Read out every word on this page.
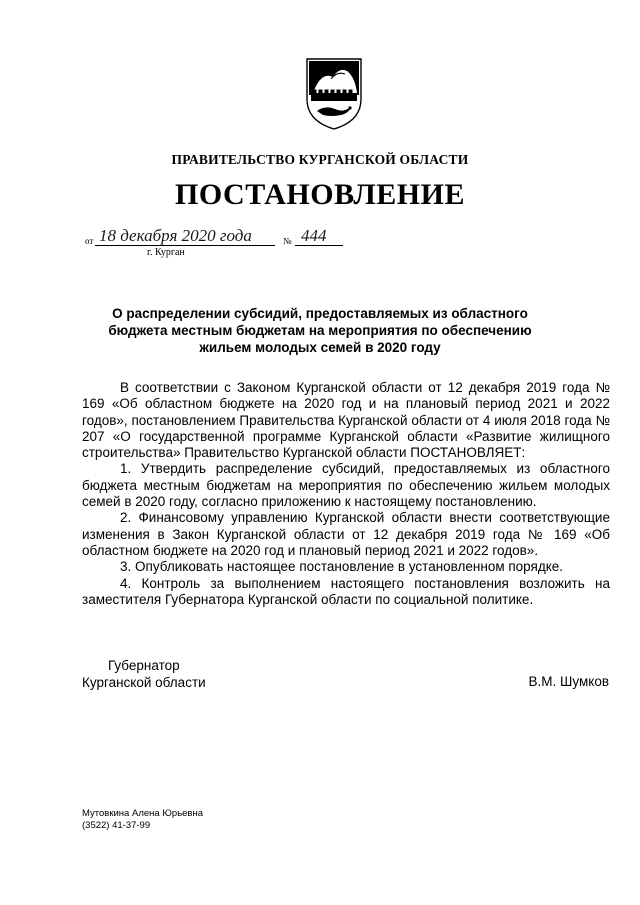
ПРАВИТЕЛЬСТВО КУРГАНСКОЙ ОБЛАСТИ
ПОСТАНОВЛЕНИЕ
от 18 декабря 2020 года	№ 444
г. Курган
О распределении субсидий, предоставляемых из областного бюджета местным бюджетам на мероприятия по обеспечению жильем молодых семей в 2020 году

В соответствии с Законом Курганской области от 12 декабря 2019 года № 169 «Об областном бюджете на 2020 год и на плановый период 2021 и 2022 годов», постановлением Правительства Курганской области от 4 июля 2018 года № 207 «О государственной программе Курганской области «Развитие жилищного строительства» Правительство Курганской области ПОСТАНОВЛЯЕТ:

1. Утвердить распределение субсидий, предоставляемых из областного бюджета местным бюджетам на мероприятия по обеспечению жильем молодых семей в 2020 году, согласно приложению к настоящему постановлению.

2. Финансовому управлению Курганской области внести соответствующие изменения в Закон Курганской области от 12 декабря 2019 года № 169 «Об областном бюджете на 2020 год и плановый период 2021 и 2022 годов».

3. Опубликовать настоящее постановление в установленном порядке.

4. Контроль за выполнением настоящего постановления возложить на заместителя Губернатора Курганской области по социальной политике.

Губернатор
Курганской области	В.М. Шумков
Мутовкина Алена Юрьевна
(3522) 41-37-99
